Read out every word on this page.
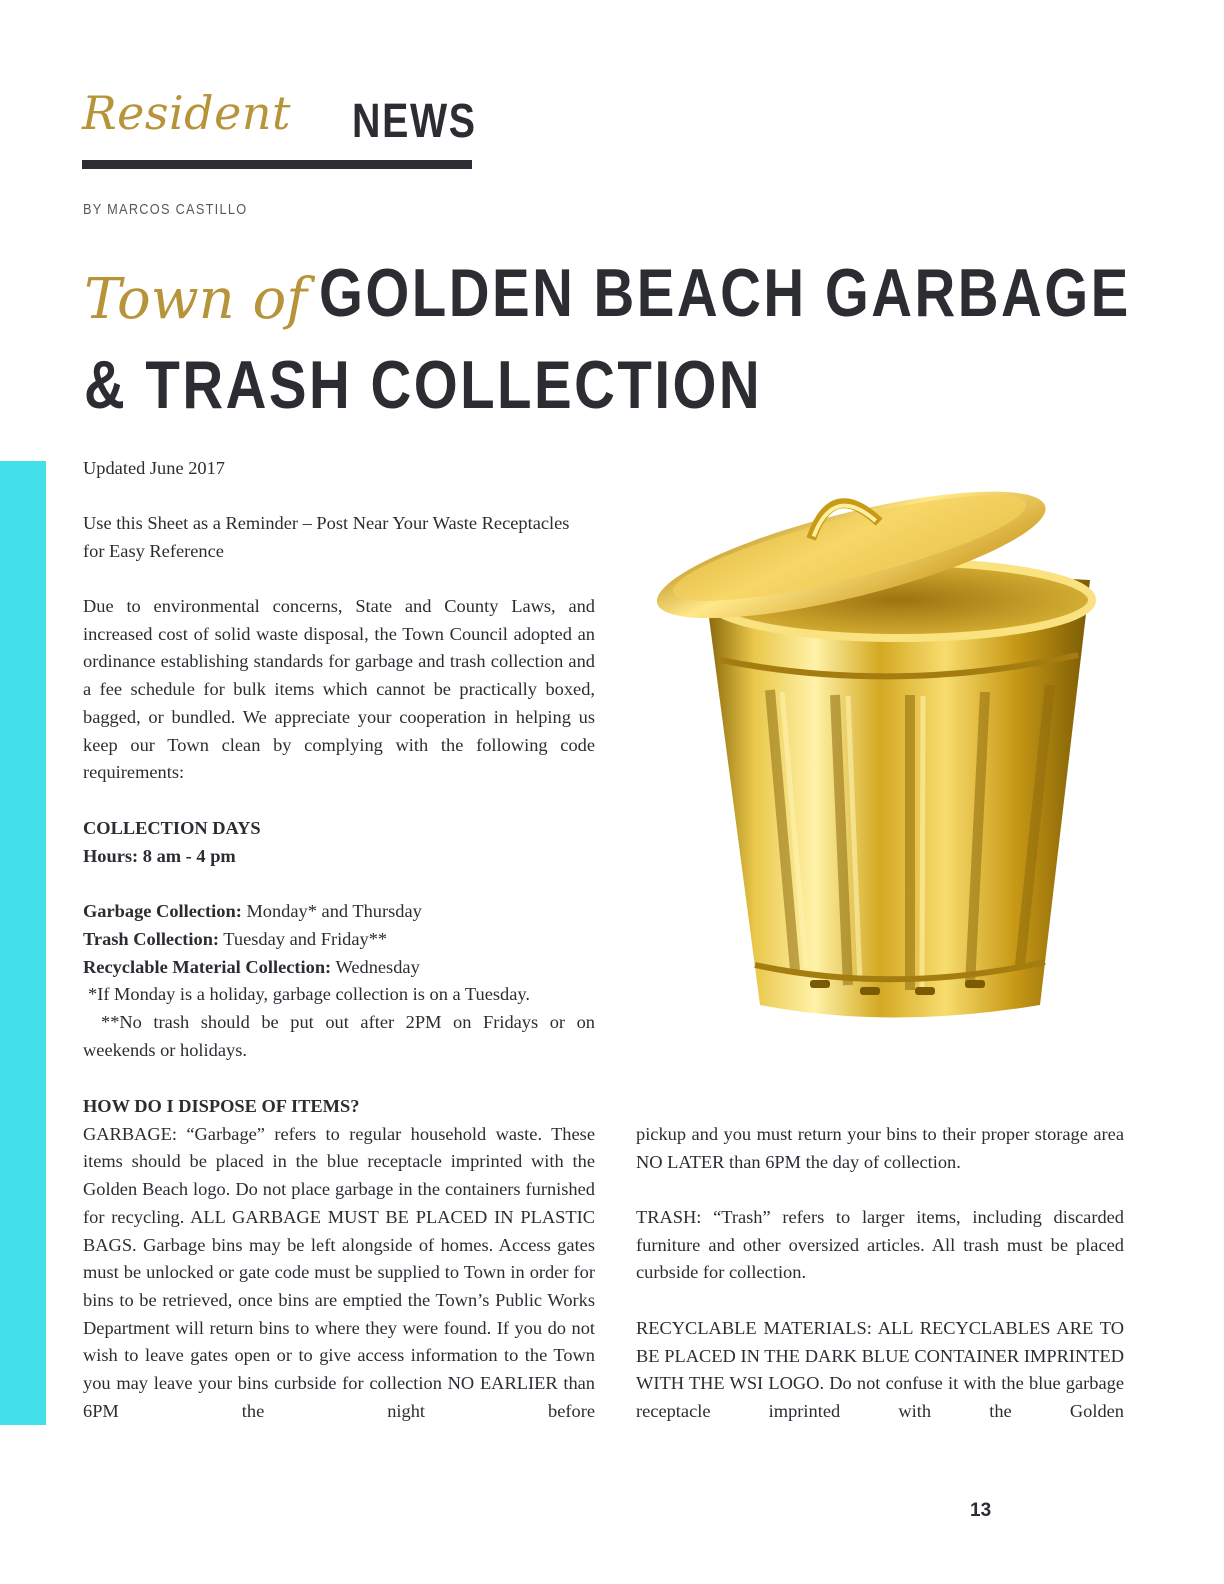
Resident NEWS
BY MARCOS CASTILLO
Town of GOLDEN BEACH GARBAGE
& TRASH COLLECTION

Updated June 2017

Use this Sheet as a Reminder – Post Near Your Waste Receptacles

for Easy Reference

Due to environmental concerns, State and County Laws, and increased cost of solid waste disposal, the Town Council adopted an ordinance establishing standards for garbage and trash collection and a fee schedule for bulk items which cannot be practically boxed, bagged, or bundled. We appreciate your cooperation in helping us keep our Town clean by complying with the following code requirements:

COLLECTION DAYS

Hours: 8 am - 4 pm

Garbage Collection: Monday* and Thursday

Trash Collection: Tuesday and Friday**

Recyclable Material Collection: Wednesday

*If Monday is a holiday, garbage collection is on a Tuesday.

**No trash should be put out after 2PM on Fridays or on weekends or holidays.

HOW DO I DISPOSE OF ITEMS?

GARBAGE: “Garbage” refers to regular household waste. These items should be placed in the blue receptacle imprinted with the Golden Beach logo. Do not place garbage in the containers furnished for recycling. ALL GARBAGE MUST BE PLACED IN PLASTIC BAGS. Garbage bins may be left alongside of homes. Access gates must be unlocked or gate code must be supplied to Town in order for bins to be retrieved, once bins are emptied the Town’s Public Works Department will return bins to where they were found. If you do not wish to leave gates open or to give access information to the Town you may leave your bins curbside for collection NO EARLIER than 6PM the night before

pickup and you must return your bins to their proper storage area NO LATER than 6PM the day of collection.
TRASH: “Trash” refers to larger items, including discarded furniture and other oversized articles. All trash must be placed curbside for collection.
RECYCLABLE MATERIALS: ALL RECYCLABLES ARE TO BE PLACED IN THE DARK BLUE CONTAINER IMPRINTED WITH THE WSI LOGO. Do not confuse it with the blue garbage receptacle imprinted with the Golden
13
